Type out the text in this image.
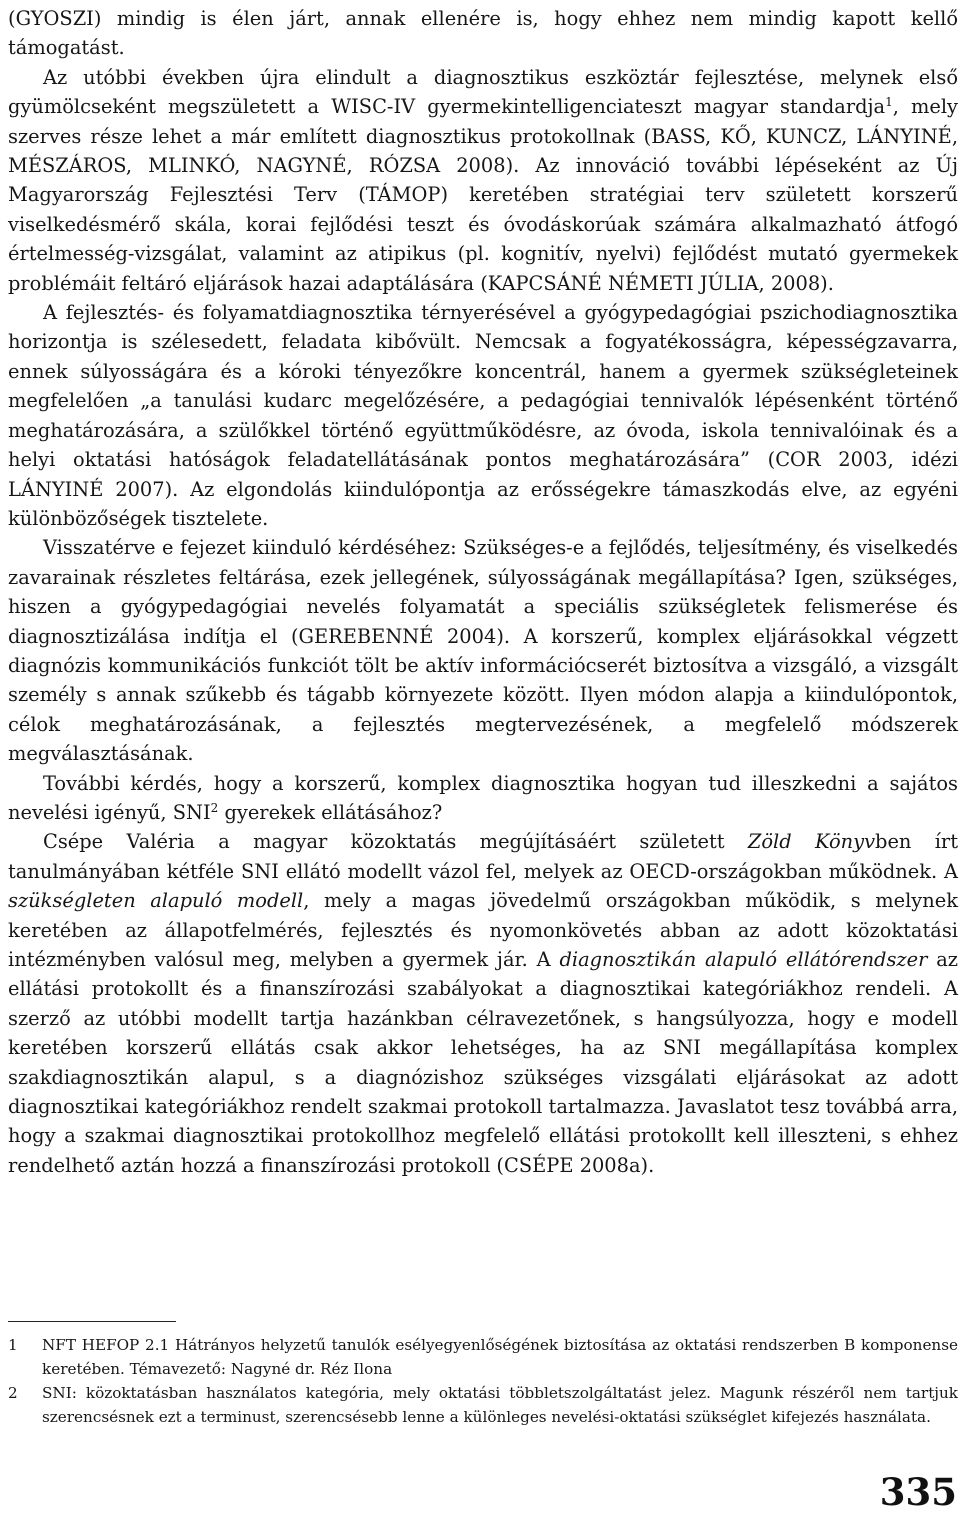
(GYOSZI) mindig is élen járt, annak ellenére is, hogy ehhez nem mindig kapott kellő támogatást.

Az utóbbi években újra elindult a diagnosztikus eszköztár fejlesztése, melynek első gyümölcseként megszületett a WISC-IV gyermekintelligenciateszt magyar standardja$^1$, mely szerves része lehet a már említett diagnosztikus protokollnak (BASS, KŐ, KUNCZ, LÁNYINÉ, MÉSZÁROS, MLINKÓ, NAGYNÉ, RÓZSA 2008). Az innováció további lépéseként az Új Magyarország Fejlesztési Terv (TÁMOP) keretében stratégiai terv született korszerű viselkedésmérő skála, korai fejlődési teszt és óvodáskorúak számára alkalmazható átfogó értelmesség-vizsgálat, valamint az atipikus (pl. kognitív, nyelvi) fejlődést mutató gyermekek problémáit feltáró eljárások hazai adaptálására (KAPCSÁNÉ NÉMETI JÚLIA, 2008).

A fejlesztés- és folyamatdiagnosztika térnyerésével a gyógypedagógiai pszichodiagnosztika horizontja is szélesedett, feladata kibővült. Nemcsak a fogyatékosságra, képességzavarra, ennek súlyosságára és a kóroki tényezőkre koncentrál, hanem a gyermek szükségleteinek megfelelően „a tanulási kudarc megelőzésére, a pedagógiai tennivalók lépésenként történő meghatározására, a szülőkkel történő együttműködésre, az óvoda, iskola tennivalóinak és a helyi oktatási hatóságok feladatellátásának pontos meghatározására” (COR 2003, idézi LÁNYINÉ 2007). Az elgondolás kiindulópontja az erősségekre támaszkodás elve, az egyéni különbözőségek tisztelete.

Visszatérve e fejezet kiinduló kérdéséhez: Szükséges-e a fejlődés, teljesítmény, és viselkedés zavarainak részletes feltárása, ezek jellegének, súlyosságának megállapítása? Igen, szükséges, hiszen a gyógypedagógiai nevelés folyamatát a speciális szükségletek felismerése és diagnosztizálása indítja el (GEREBENNÉ 2004). A korszerű, komplex eljárásokkal végzett diagnózis kommunikációs funkciót tölt be aktív információcserét biztosítva a vizsgáló, a vizsgált személy s annak szűkebb és tágabb környezete között. Ilyen módon alapja a kiindulópontok, célok meghatározásának, a fejlesztés megtervezésének, a megfelelő módszerek megválasztásának.

További kérdés, hogy a korszerű, komplex diagnosztika hogyan tud illeszkedni a sajátos nevelési igényű, SNI$^2$ gyerekek ellátásához?

Csépe Valéria a magyar közoktatás megújításáért született Zöld Könyvben írt tanulmányában kétféle SNI ellátó modellt vázol fel, melyek az OECD-országokban működnek. A szükségleten alapuló modell, mely a magas jövedelmű országokban működik, s melynek keretében az állapotfelmérés, fejlesztés és nyomonkövetés abban az adott közoktatási intézményben valósul meg, melyben a gyermek jár. A diagnosztikán alapuló ellátórendszer az ellátási protokollt és a finanszírozási szabályokat a diagnosztikai kategóriákhoz rendeli. A szerző az utóbbi modellt tartja hazánkban célravezetőnek, s hangsúlyozza, hogy e modell keretében korszerű ellátás csak akkor lehetséges, ha az SNI megállapítása komplex szakdiagnosztikán alapul, s a diagnózishoz szükséges vizsgálati eljárásokat az adott diagnosztikai kategóriákhoz rendelt szakmai protokoll tartalmazza. Javaslatot tesz továbbá arra, hogy a szakmai diagnosztikai protokollhoz megfelelő ellátási protokollt kell illeszteni, s ehhez rendelhető aztán hozzá a finanszírozási protokoll (CSÉPE 2008a).

1 NFT HEFOP 2.1 Hátrányos helyzetű tanulók esélyegyenlőségének biztosítása az oktatási rendszerben B komponense keretében. Témavezető: Nagyné dr. Réz Ilona

2 SNI: közoktatásban használatos kategória, mely oktatási többletszolgáltatást jelez. Magunk részéről nem tartjuk szerencsésnek ezt a terminust, szerencsésebb lenne a különleges nevelési-oktatási szükséglet kifejezés használata.

335
